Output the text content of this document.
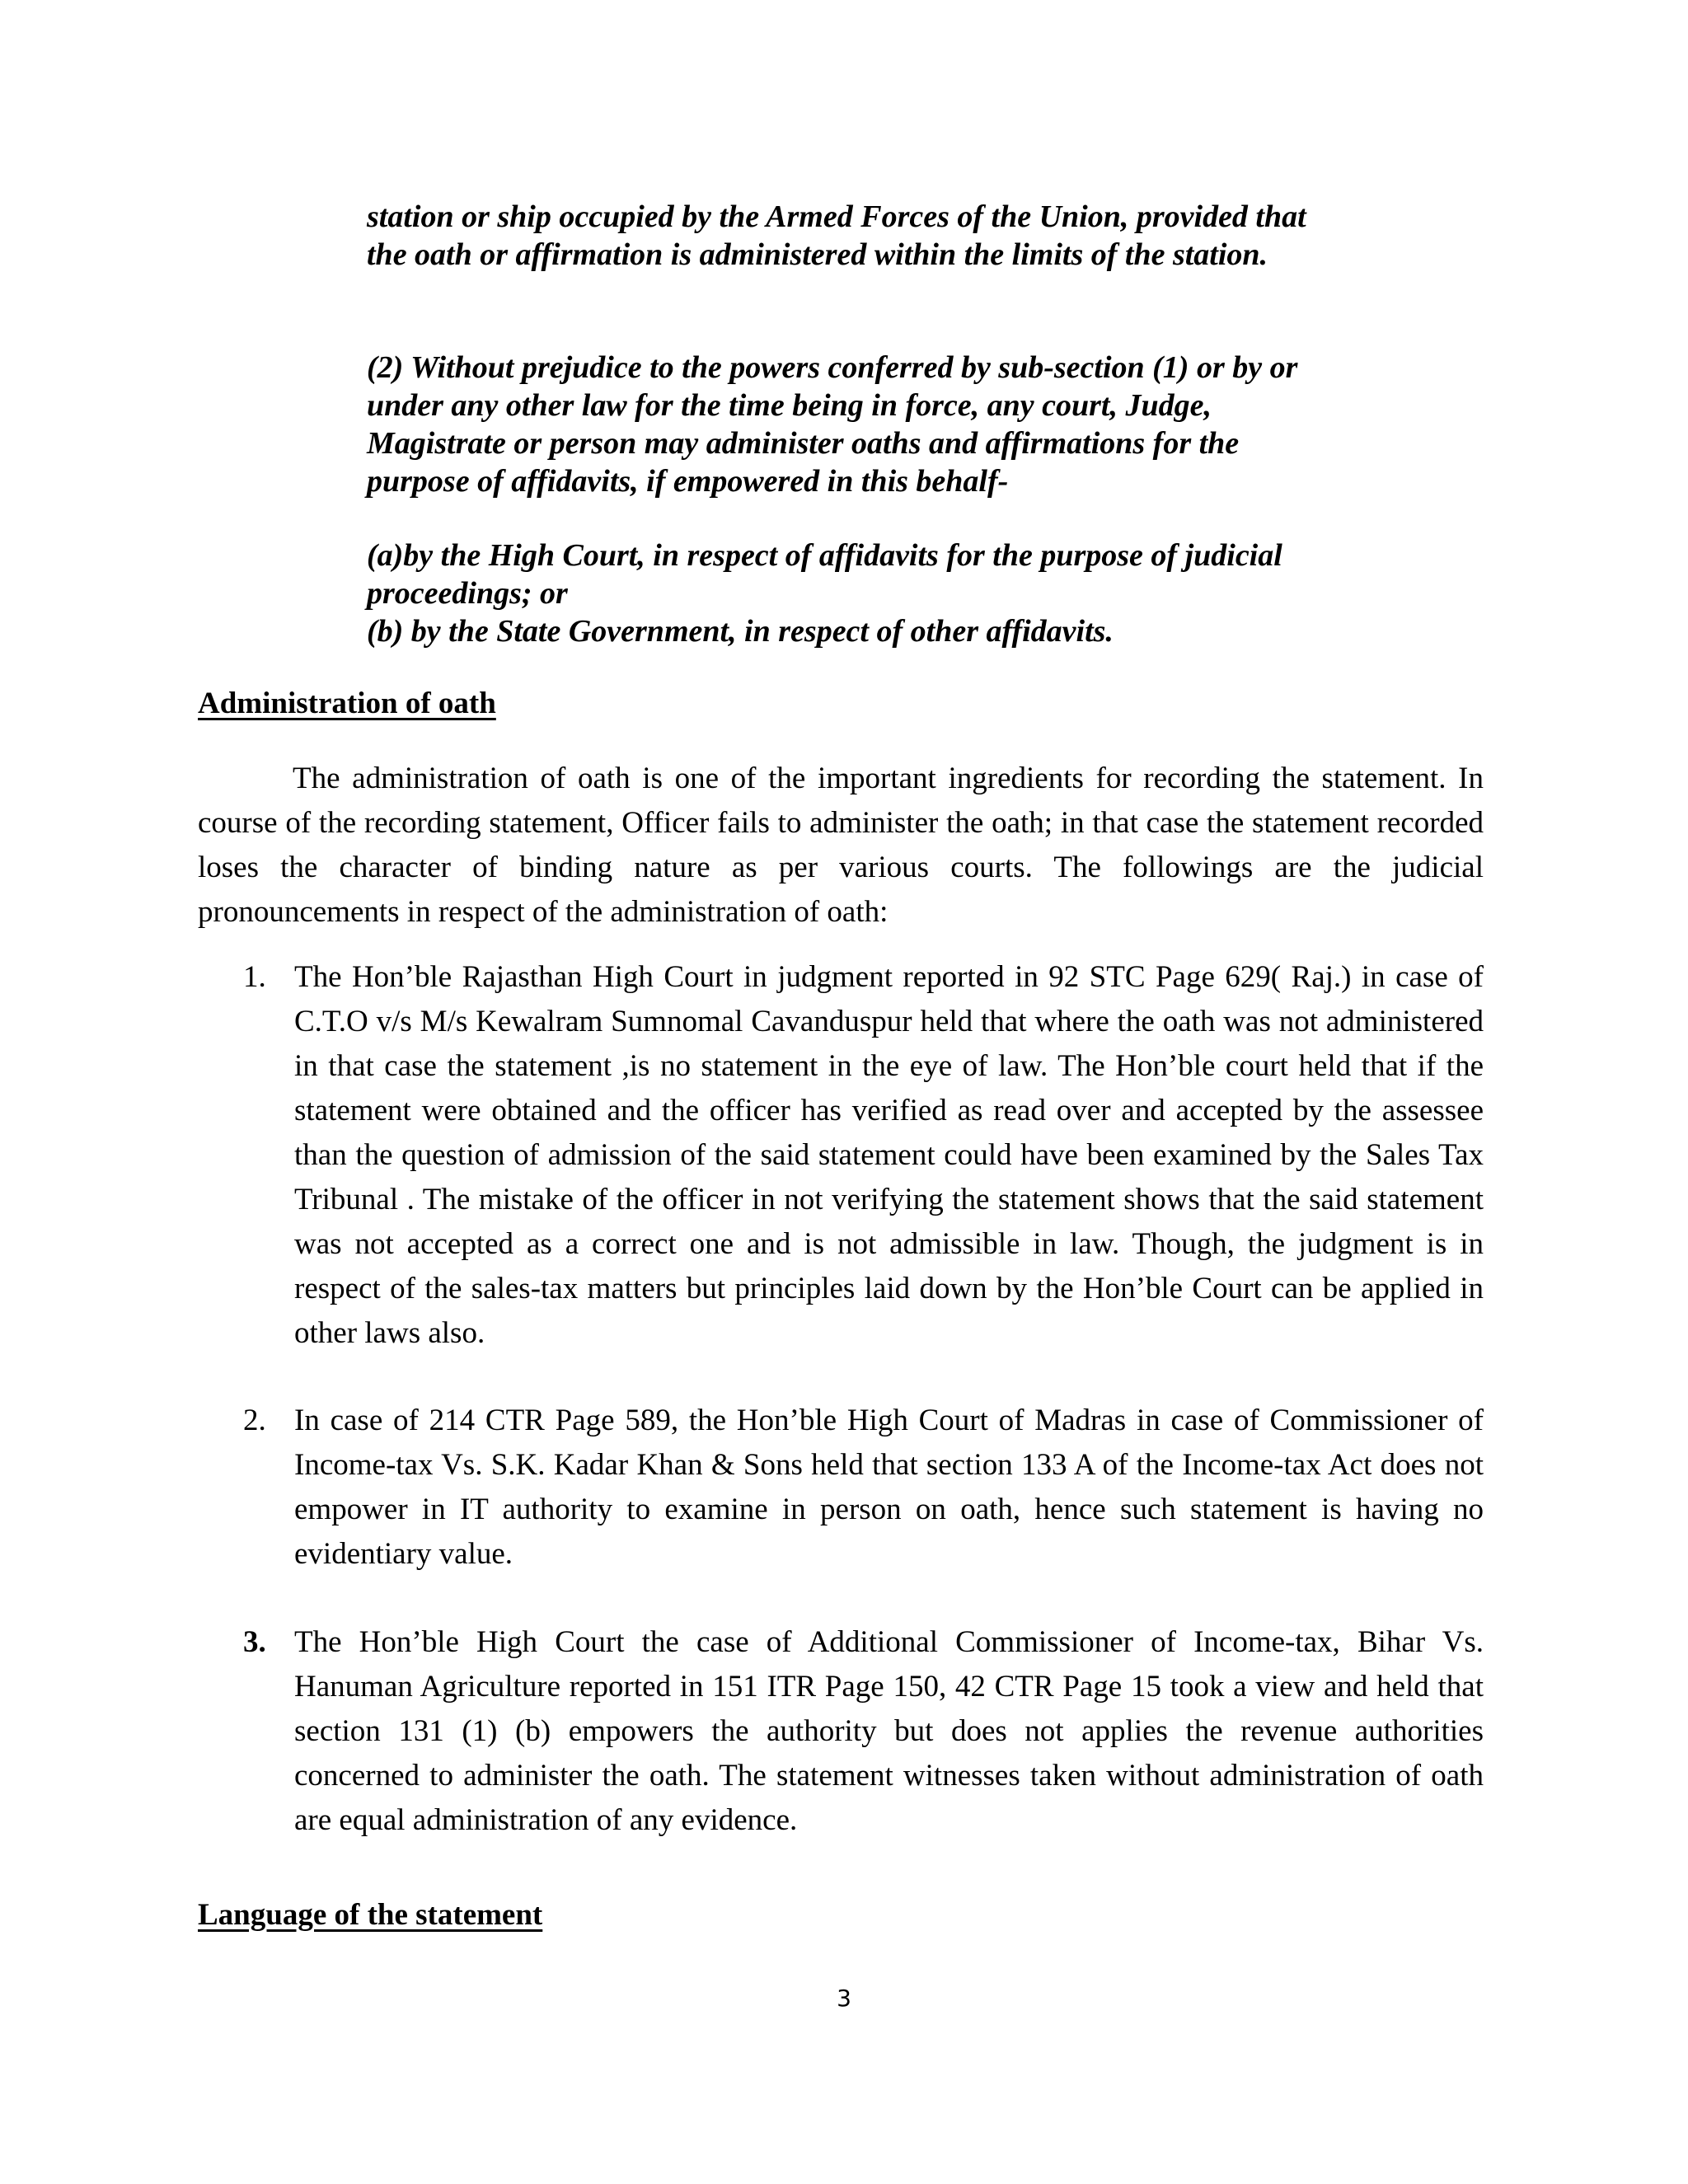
station or ship occupied by the Armed Forces of the Union, provided that the oath or affirmation is administered within the limits of the station.
(2) Without prejudice to the powers conferred by sub-section (1) or by or under any other law for the time being in force, any court, Judge, Magistrate or person may administer oaths and affirmations for the purpose of affidavits, if empowered in this behalf-
(a)by the High Court, in respect of affidavits for the purpose of judicial proceedings; or
(b) by the State Government, in respect of other affidavits.
Administration of oath
The administration of oath is one of the important ingredients for recording the statement. In course of the recording statement, Officer fails to administer the oath; in that case the statement recorded loses the character of binding nature as per various courts. The followings are the judicial pronouncements in respect of the administration of oath:
1. The Hon’ble Rajasthan High Court in judgment reported in 92 STC Page 629( Raj.) in case of C.T.O v/s M/s Kewalram Sumnomal Cavanduspur held that where the oath was not administered in that case the statement ,is no statement in the eye of law. The Hon’ble court held that if the statement were obtained and the officer has verified as read over and accepted by the assessee than the question of admission of the said statement could have been examined by the Sales Tax Tribunal . The mistake of the officer in not verifying the statement shows that the said statement was not accepted as a correct one and is not admissible in law. Though, the judgment is in respect of the sales-tax matters but principles laid down by the Hon’ble Court can be applied in other laws also.
2. In case of 214 CTR Page 589, the Hon’ble High Court of Madras in case of Commissioner of Income-tax Vs. S.K. Kadar Khan & Sons held that section 133 A of the Income-tax Act does not empower in IT authority to examine in person on oath, hence such statement is having no evidentiary value.
3. The Hon’ble High Court the case of Additional Commissioner of Income-tax, Bihar Vs. Hanuman Agriculture reported in 151 ITR Page 150, 42 CTR Page 15 took a view and held that section 131 (1) (b) empowers the authority but does not applies the revenue authorities concerned to administer the oath. The statement witnesses taken without administration of oath are equal administration of any evidence.
Language of the statement
3
